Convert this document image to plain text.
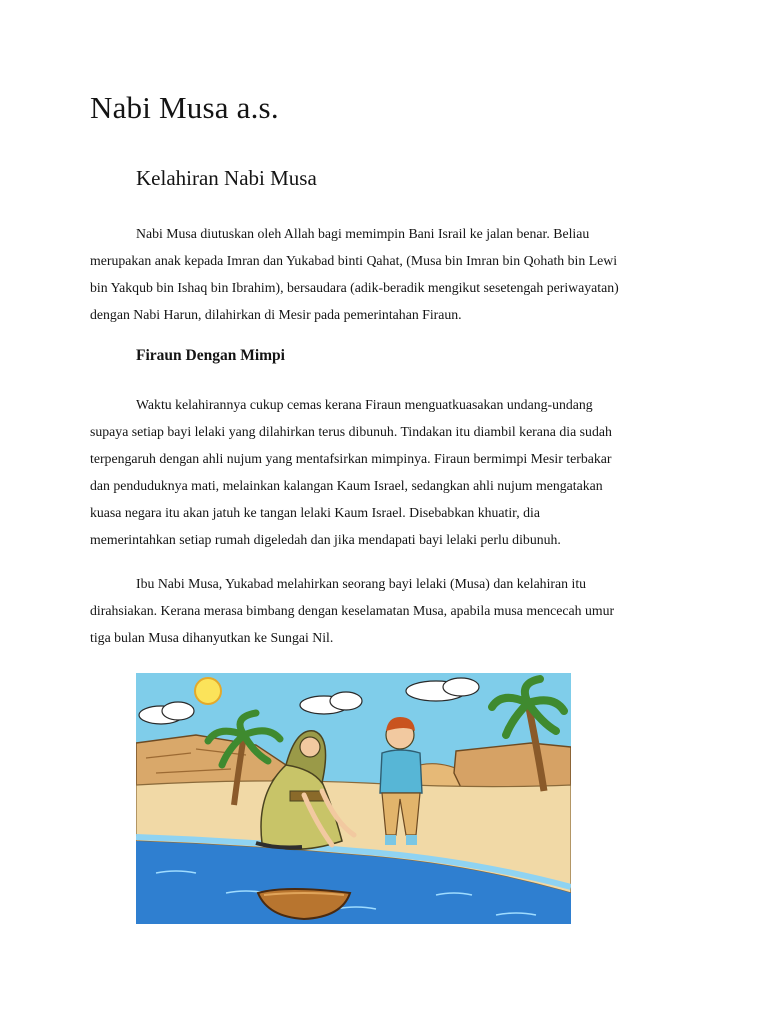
Nabi Musa a.s.
Kelahiran Nabi Musa

Nabi Musa diutuskan oleh Allah bagi memimpin Bani Israil ke jalan benar. Beliau
merupakan anak kepada Imran dan Yukabad binti Qahat, (Musa bin Imran bin Qohath bin Lewi
bin Yakqub bin Ishaq bin Ibrahim), bersaudara (adik-beradik mengikut sesetengah periwayatan)
dengan Nabi Harun, dilahirkan di Mesir pada pemerintahan Firaun.

Firaun Dengan Mimpi

Waktu kelahirannya cukup cemas kerana Firaun menguatkuasakan undang-undang
supaya setiap bayi lelaki yang dilahirkan terus dibunuh. Tindakan itu diambil kerana dia sudah
terpengaruh dengan ahli nujum yang mentafsirkan mimpinya. Firaun bermimpi Mesir terbakar
dan penduduknya mati, melainkan kalangan Kaum Israel, sedangkan ahli nujum mengatakan
kuasa negara itu akan jatuh ke tangan lelaki Kaum Israel. Disebabkan khuatir, dia
memerintahkan setiap rumah digeledah dan jika mendapati bayi lelaki perlu dibunuh.

Ibu Nabi Musa, Yukabad melahirkan seorang bayi lelaki (Musa) dan kelahiran itu
dirahsiakan. Kerana merasa bimbang dengan keselamatan Musa, apabila musa mencecah umur
tiga bulan Musa dihanyutkan ke Sungai Nil.
